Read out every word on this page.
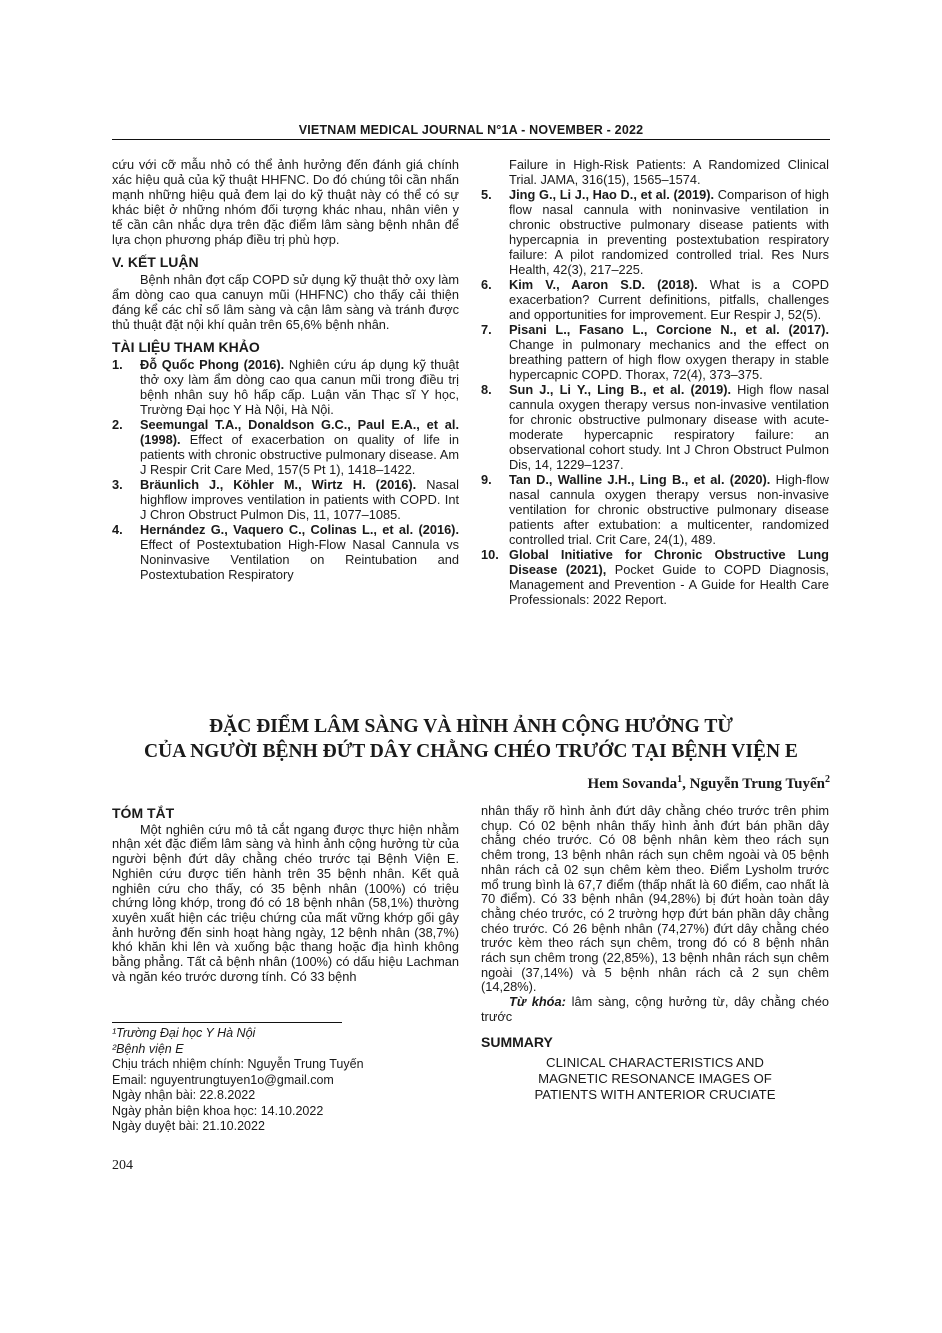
VIETNAM MEDICAL JOURNAL N°1A - NOVEMBER - 2022

cứu với cỡ mẫu nhỏ có thể ảnh hưởng đến đánh giá chính xác hiệu quả của kỹ thuật HHFNC. Do đó chúng tôi cần nhấn mạnh những hiệu quả đem lại do kỹ thuật này có thể có sự khác biệt ở những nhóm đối tượng khác nhau, nhân viên y tế cần cân nhắc dựa trên đặc điểm lâm sàng bệnh nhân để lựa chọn phương pháp điều trị phù hợp.

V. KẾT LUẬN

Bệnh nhân đợt cấp COPD sử dụng kỹ thuật thở oxy làm ẩm dòng cao qua canuyn mũi (HHFNC) cho thấy cải thiện đáng kể các chỉ số lâm sàng và cận lâm sàng và tránh được thủ thuật đặt nội khí quản trên 65,6% bệnh nhân.

TÀI LIỆU THAM KHẢO
1.	Đỗ Quốc Phong (2016). Nghiên cứu áp dụng kỹ thuật thở oxy làm ẩm dòng cao qua canun mũi trong điều trị bệnh nhân suy hô hấp cấp. Luận văn Thạc sĩ Y học, Trường Đại học Y Hà Nội, Hà Nội.
2.	Seemungal T.A., Donaldson G.C., Paul E.A., et al. (1998). Effect of exacerbation on quality of life in patients with chronic obstructive pulmonary disease. Am J Respir Crit Care Med, 157(5 Pt 1), 1418–1422.
3.	Bräunlich J., Köhler M., Wirtz H. (2016). Nasal highflow improves ventilation in patients with COPD. Int J Chron Obstruct Pulmon Dis, 11, 1077–1085.
4.	Hernández G., Vaquero C., Colinas L., et al. (2016). Effect of Postextubation High-Flow Nasal Cannula vs Noninvasive Ventilation on Reintubation and Postextubation Respiratory
Failure in High-Risk Patients: A Randomized Clinical Trial. JAMA, 316(15), 1565–1574.
5.	Jing G., Li J., Hao D., et al. (2019). Comparison of high flow nasal cannula with noninvasive ventilation in chronic obstructive pulmonary disease patients with hypercapnia in preventing postextubation respiratory failure: A pilot randomized controlled trial. Res Nurs Health, 42(3), 217–225.
6.	Kim V., Aaron S.D. (2018). What is a COPD exacerbation? Current definitions, pitfalls, challenges and opportunities for improvement. Eur Respir J, 52(5).
7.	Pisani L., Fasano L., Corcione N., et al. (2017). Change in pulmonary mechanics and the effect on breathing pattern of high flow oxygen therapy in stable hypercapnic COPD. Thorax, 72(4), 373–375.
8.	Sun J., Li Y., Ling B., et al. (2019). High flow nasal cannula oxygen therapy versus non-invasive ventilation for chronic obstructive pulmonary disease with acute-moderate hypercapnic respiratory failure: an observational cohort study. Int J Chron Obstruct Pulmon Dis, 14, 1229–1237.
9.	Tan D., Walline J.H., Ling B., et al. (2020). High-flow nasal cannula oxygen therapy versus non-invasive ventilation for chronic obstructive pulmonary disease patients after extubation: a multicenter, randomized controlled trial. Crit Care, 24(1), 489.
10. Global Initiative for Chronic Obstructive Lung Disease (2021), Pocket Guide to COPD Diagnosis, Management and Prevention - A Guide for Health Care Professionals: 2022 Report.
ĐẶC ĐIỂM LÂM SÀNG VÀ HÌNH ẢNH CỘNG HƯỞNG TỪ
CỦA NGƯỜI BỆNH ĐỨT DÂY CHẰNG CHÉO TRƯỚC TẠI BỆNH VIỆN E
Hem Sovanda$^1$, Nguyễn Trung Tuyến$^2$
TÓM TẮT

Một nghiên cứu mô tả cắt ngang được thực hiện nhằm nhận xét đặc điểm lâm sàng và hình ảnh cộng hưởng từ của người bệnh đứt dây chằng chéo trước tại Bệnh Viện E. Nghiên cứu được tiến hành trên 35 bệnh nhân. Kết quả nghiên cứu cho thấy, có 35 bệnh nhân (100%) có triệu chứng lỏng khớp, trong đó có 18 bệnh nhân (58,1%) thường xuyên xuất hiện các triệu chứng của mất vững khớp gối gây ảnh hưởng đến sinh hoạt hàng ngày, 12 bệnh nhân (38,7%) khó khăn khi lên và xuống bậc thang hoặc địa hình không bằng phẳng. Tất cả bệnh nhân (100%) có dấu hiệu Lachman và ngăn kéo trước dương tính. Có 33 bệnh

nhân thấy rõ hình ảnh đứt dây chằng chéo trước trên phim chụp. Có 02 bệnh nhân thấy hình ảnh đứt bán phần dây chằng chéo trước. Có 08 bệnh nhân kèm theo rách sụn chêm trong, 13 bệnh nhân rách sụn chêm ngoài và 05 bệnh nhân rách cả 02 sụn chêm kèm theo. Điểm Lysholm trước mổ trung bình là 67,7 điểm (thấp nhất là 60 điểm, cao nhất là 70 điểm). Có 33 bệnh nhân (94,28%) bị đứt hoàn toàn dây chằng chéo trước, có 2 trường hợp đứt bán phần dây chằng chéo trước. Có 26 bệnh nhân (74,27%) đứt dây chằng chéo trước kèm theo rách sụn chêm, trong đó có 8 bệnh nhân rách sụn chêm trong (22,85%), 13 bệnh nhân rách sụn chêm ngoài (37,14%) và 5 bệnh nhân rách cả 2 sụn chêm (14,28%).

Từ khóa: lâm sàng, cộng hưởng từ, dây chằng chéo trước

SUMMARY
CLINICAL CHARACTERISTICS AND
MAGNETIC RESONANCE IMAGES OF
PATIENTS WITH ANTERIOR CRUCIATE
¹Trường Đại học Y Hà Nội
²Bệnh viện E
Chịu trách nhiệm chính: Nguyễn Trung Tuyến
Email: nguyentrungtuyen1o@gmail.com
Ngày nhận bài: 22.8.2022
Ngày phản biện khoa học: 14.10.2022
Ngày duyệt bài: 21.10.2022
204
